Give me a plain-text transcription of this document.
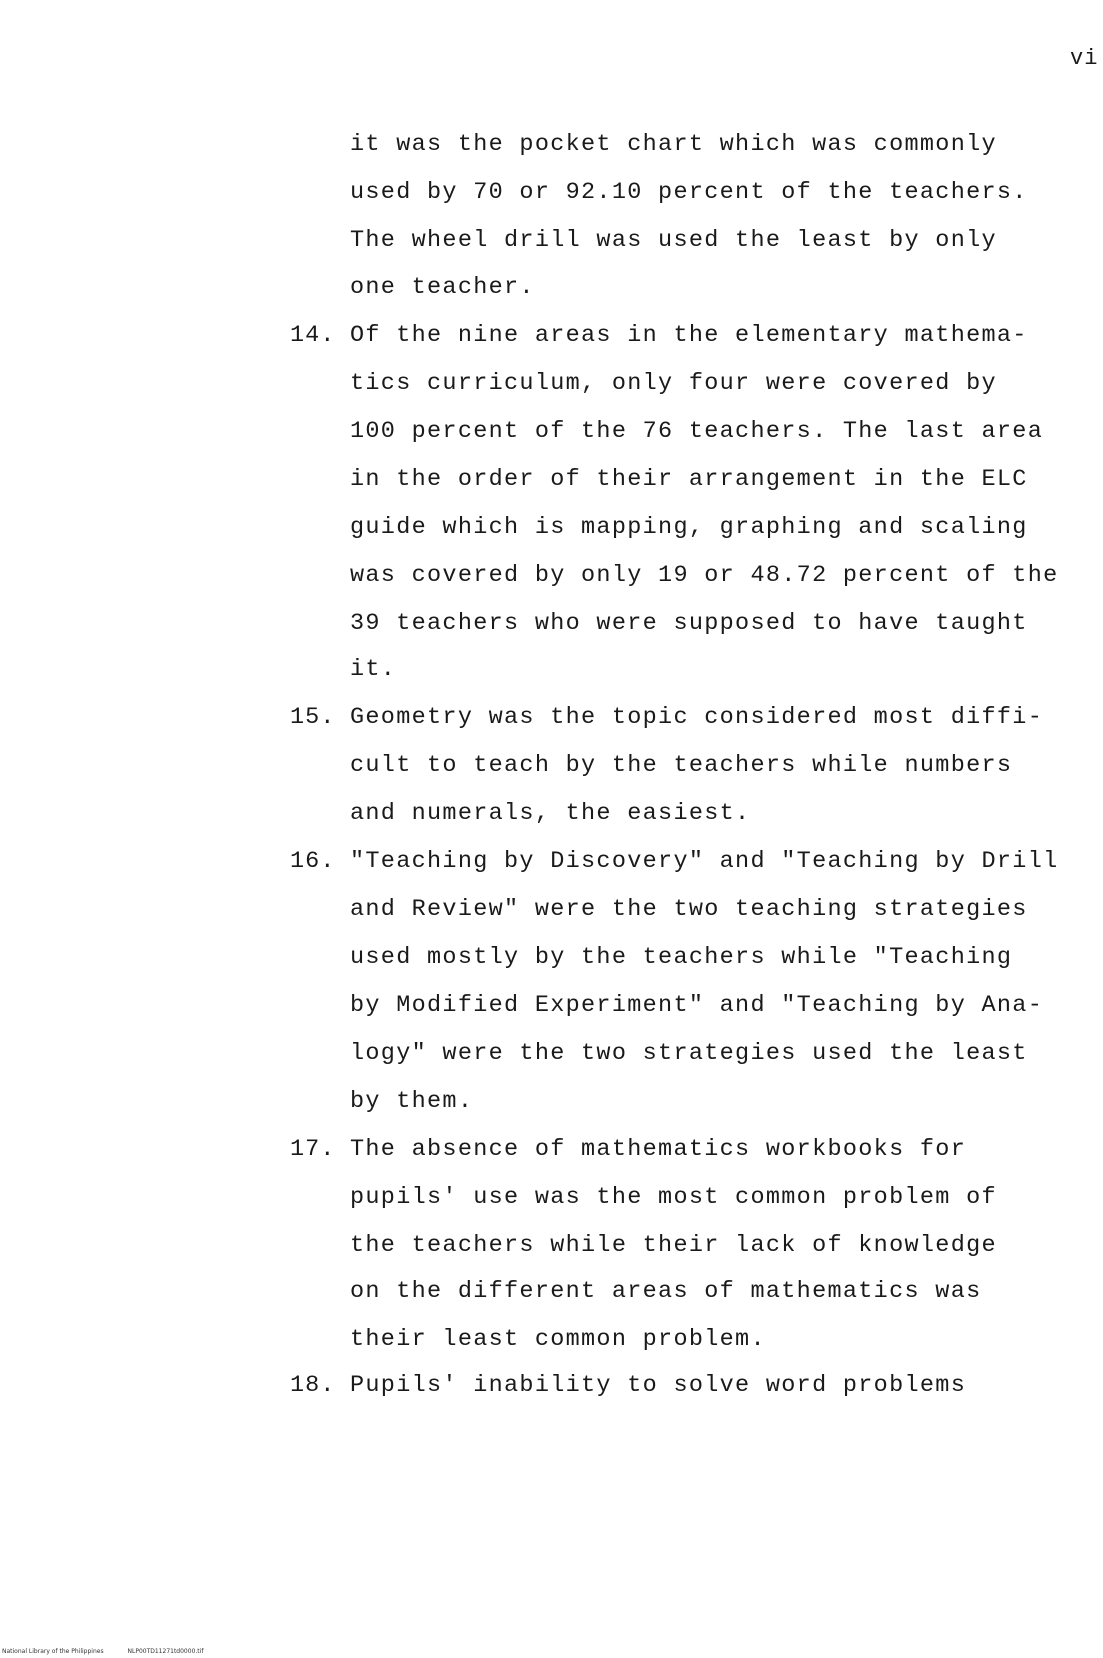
vi
it was the pocket chart which was commonly
used by 70 or 92.10 percent of the teachers.
The wheel drill was used the least by only
one teacher.
14. Of the nine areas in the elementary mathema-
tics curriculum, only four were covered by
100 percent of the 76 teachers. The last area
in the order of their arrangement in the ELC
guide which is mapping, graphing and scaling
was covered by only 19 or 48.72 percent of the
39 teachers who were supposed to have taught
it.
15. Geometry was the topic considered most diffi-
cult to teach by the teachers while numbers
and numerals, the easiest.
16. "Teaching by Discovery" and "Teaching by Drill
and Review" were the two teaching strategies
used mostly by the teachers while "Teaching
by Modified Experiment" and "Teaching by Ana-
logy" were the two strategies used the least
by them.
17. The absence of mathematics workbooks for
pupils' use was the most common problem of
the teachers while their lack of knowledge
on the different areas of mathematics was
their least common problem.
18. Pupils' inability to solve word problems
National Library of the Philippines	NLP00TD11271td0000.tif
